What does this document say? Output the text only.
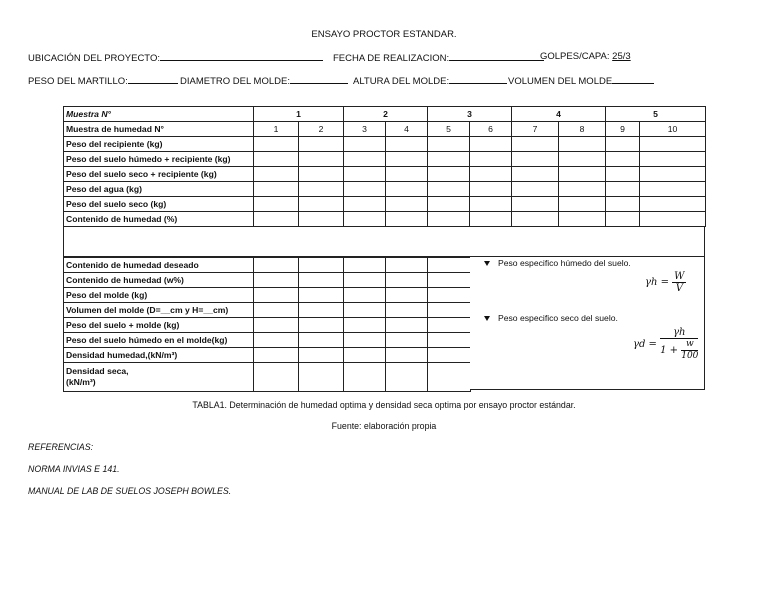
ENSAYO PROCTOR ESTANDAR.
UBICACIÓN DEL PROYECTO:	FECHA DE REALIZACION:	GOLPES/CAPA: 25/3
PESO DEL MARTILLO:	DIAMETRO DEL MOLDE:	ALTURA DEL MOLDE:	VOLUMEN DEL MOLDE
Muestra N°	1		2		3		4		5	
Muestra de humedad N°	1	2	3	4	5	6	7	8	9	10
Peso del recipiente (kg)										
Peso del suelo húmedo + recipiente (kg)										
Peso del suelo seco + recipiente (kg)										
Peso del agua (kg)										
Peso del suelo seco (kg)										
Contenido de humedad (%)										
Contenido de humedad deseado					
Contenido de humedad (w%)					
Peso del molde (kg)					
Volumen del molde (D=__cm y H=__cm)					
Peso del suelo + molde (kg)					
Peso del suelo húmedo en el molde(kg)					
Densidad humedad,(kN/m³)					

Densidad seca,
(kN/m³)					

Peso especifico húmedo del suelo.
$\gamma h = \frac{W}{V}$
Peso especifico seco del suelo.
$\gamma d = \frac{\gamma h}{1 + \frac{w}{100}}$
TABLA1. Determinación de humedad optima y densidad seca optima por ensayo proctor estándar.
Fuente: elaboración propia
REFERENCIAS:
NORMA INVIAS E 141.
MANUAL DE LAB DE SUELOS JOSEPH BOWLES.
